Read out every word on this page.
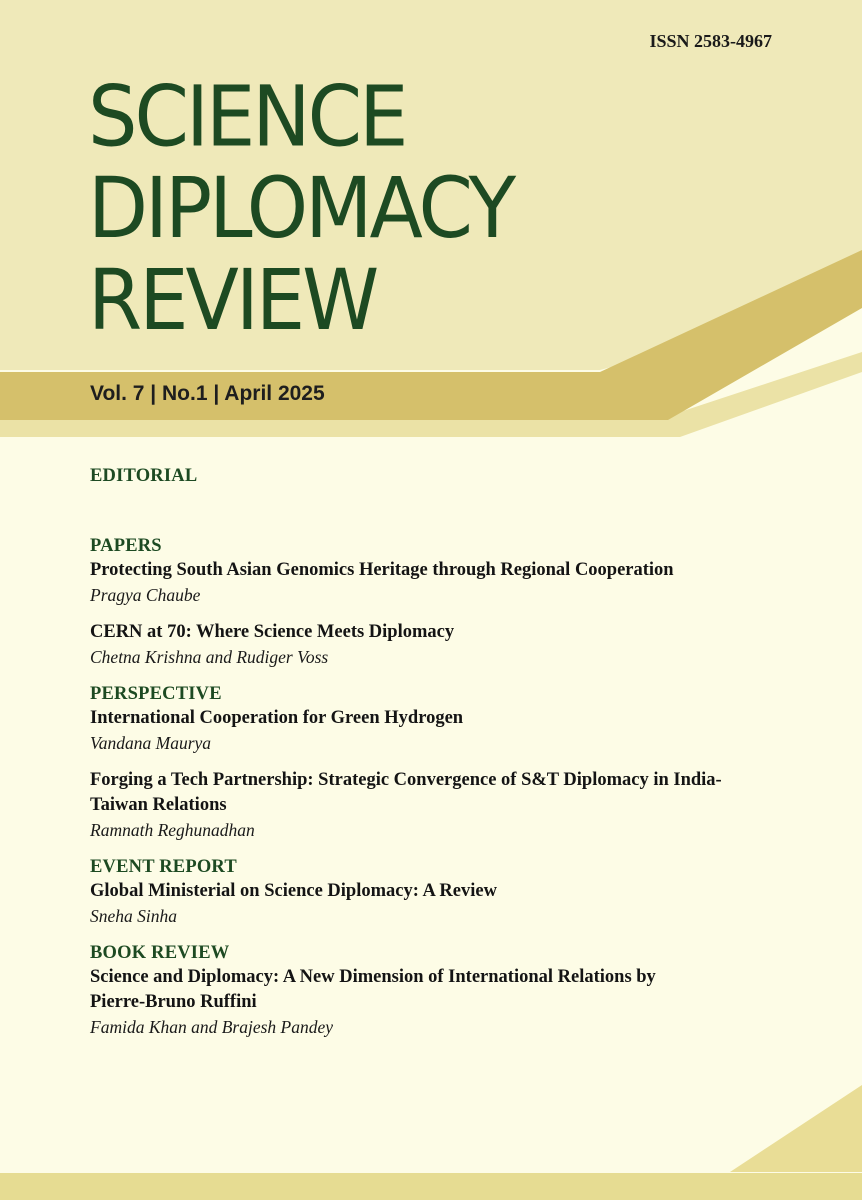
ISSN 2583-4967
SCIENCE
DIPLOMACY
REVIEW
Vol. 7 | No.1 | April 2025
EDITORIAL
PAPERS
Protecting South Asian Genomics Heritage through Regional Cooperation
Pragya Chaube
CERN at 70: Where Science Meets Diplomacy
Chetna Krishna and Rudiger Voss
PERSPECTIVE
International Cooperation for Green Hydrogen
Vandana Maurya
Forging a Tech Partnership: Strategic Convergence of S&T Diplomacy in India-
Taiwan Relations
Ramnath Reghunadhan
EVENT REPORT
Global Ministerial on Science Diplomacy: A Review
Sneha Sinha
BOOK REVIEW
Science and Diplomacy: A New Dimension of International Relations by
Pierre-Bruno Ruffini
Famida Khan and Brajesh Pandey
